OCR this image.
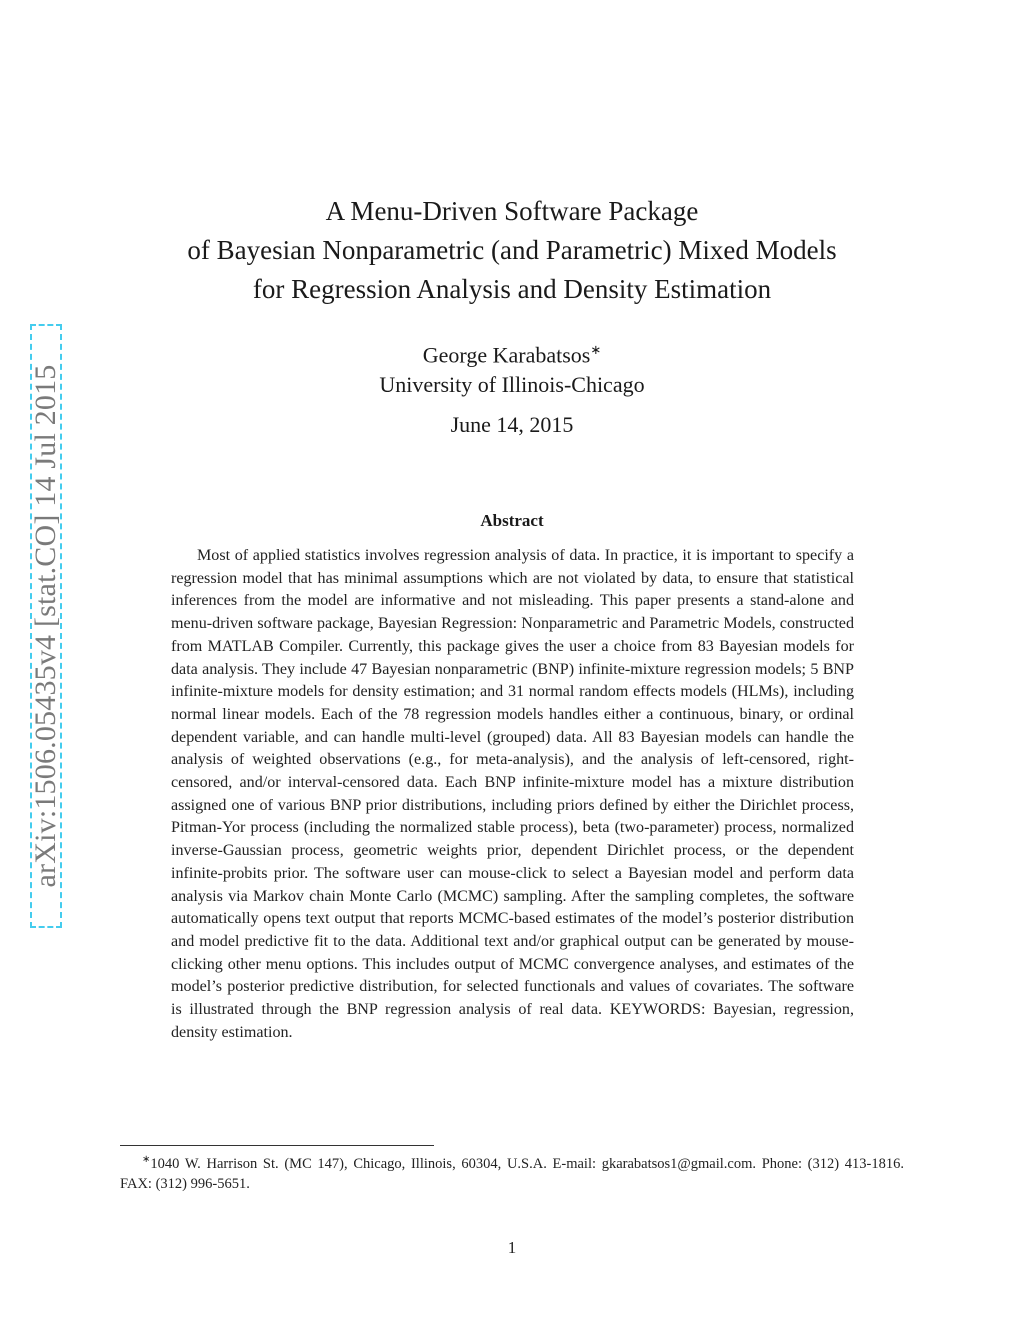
arXiv:1506.05435v4 [stat.CO] 14 Jul 2015
A Menu-Driven Software Package
of Bayesian Nonparametric (and Parametric) Mixed Models
for Regression Analysis and Density Estimation
George Karabatsos∗
University of Illinois-Chicago
June 14, 2015
Abstract
Most of applied statistics involves regression analysis of data. In practice, it is important to specify a regression model that has minimal assumptions which are not violated by data, to ensure that statistical inferences from the model are informative and not misleading. This paper presents a stand-alone and menu-driven software package, Bayesian Regression: Nonparametric and Parametric Models, constructed from MATLAB Compiler. Currently, this package gives the user a choice from 83 Bayesian models for data analysis. They include 47 Bayesian nonparametric (BNP) infinite-mixture regression models; 5 BNP infinite-mixture models for density estimation; and 31 normal random effects models (HLMs), including normal linear models. Each of the 78 regression models handles either a continuous, binary, or ordinal dependent variable, and can handle multi-level (grouped) data. All 83 Bayesian models can handle the analysis of weighted observations (e.g., for meta-analysis), and the analysis of left-censored, right-censored, and/or interval-censored data. Each BNP infinite-mixture model has a mixture distribution assigned one of various BNP prior distributions, including priors defined by either the Dirichlet process, Pitman-Yor process (including the normalized stable process), beta (two-parameter) process, normalized inverse-Gaussian process, geometric weights prior, dependent Dirichlet process, or the dependent infinite-probits prior. The software user can mouse-click to select a Bayesian model and perform data analysis via Markov chain Monte Carlo (MCMC) sampling. After the sampling completes, the software automatically opens text output that reports MCMC-based estimates of the model’s posterior distribution and model predictive fit to the data. Additional text and/or graphical output can be generated by mouse-clicking other menu options. This includes output of MCMC convergence analyses, and estimates of the model’s posterior predictive distribution, for selected functionals and values of covariates. The software is illustrated through the BNP regression analysis of real data. KEYWORDS: Bayesian, regression, density estimation.
∗1040 W. Harrison St. (MC 147), Chicago, Illinois, 60304, U.S.A. E-mail: gkarabatsos1@gmail.com. Phone: (312) 413-1816. FAX: (312) 996-5651.
1
